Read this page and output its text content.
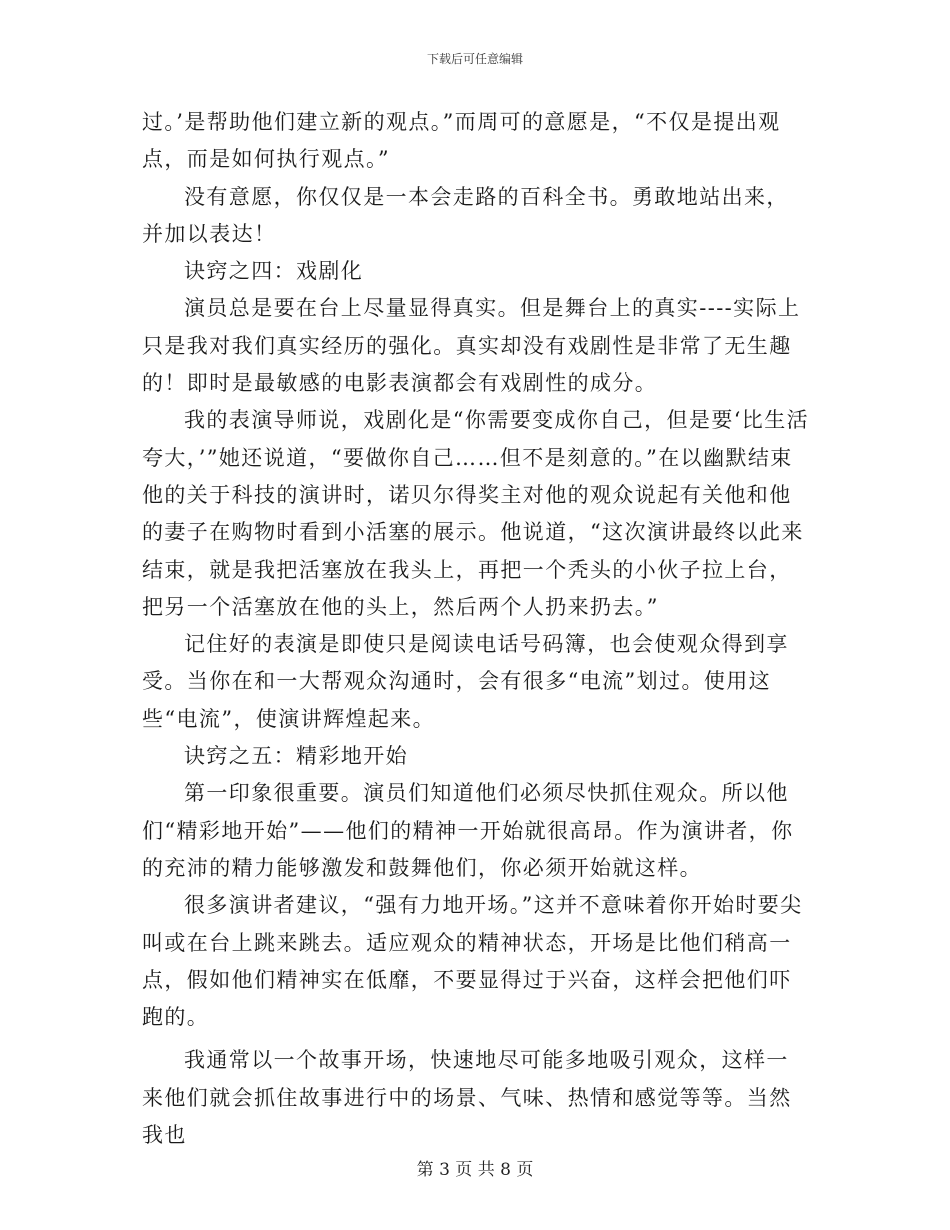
下载后可任意编辑

过。’是帮助他们建立新的观点。”而周可的意愿是，“不仅是提出观点，而是如何执行观点。”

没有意愿，你仅仅是一本会走路的百科全书。勇敢地站出来，并加以表达！

诀窍之四：戏剧化

演员总是要在台上尽量显得真实。但是舞台上的真实----实际上只是我对我们真实经历的强化。真实却没有戏剧性是非常了无生趣的！即时是最敏感的电影表演都会有戏剧性的成分。

我的表演导师说，戏剧化是“你需要变成你自己，但是要‘比生活夸大，’”她还说道，“要做你自己……但不是刻意的。”在以幽默结束他的关于科技的演讲时，诺贝尔得奖主对他的观众说起有关他和他的妻子在购物时看到小活塞的展示。他说道，“这次演讲最终以此来结束，就是我把活塞放在我头上，再把一个秃头的小伙子拉上台，把另一个活塞放在他的头上，然后两个人扔来扔去。”

记住好的表演是即使只是阅读电话号码簿，也会使观众得到享受。当你在和一大帮观众沟通时，会有很多“电流”划过。使用这些“电流”，使演讲辉煌起来。

诀窍之五：精彩地开始

第一印象很重要。演员们知道他们必须尽快抓住观众。所以他们“精彩地开始”——他们的精神一开始就很高昂。作为演讲者，你的充沛的精力能够激发和鼓舞他们，你必须开始就这样。

很多演讲者建议，“强有力地开场。”这并不意味着你开始时要尖叫或在台上跳来跳去。适应观众的精神状态，开场是比他们稍高一点，假如他们精神实在低靡，不要显得过于兴奋，这样会把他们吓跑的。

我通常以一个故事开场，快速地尽可能多地吸引观众，这样一来他们就会抓住故事进行中的场景、气味、热情和感觉等等。当然我也

第 3 页 共 8 页
